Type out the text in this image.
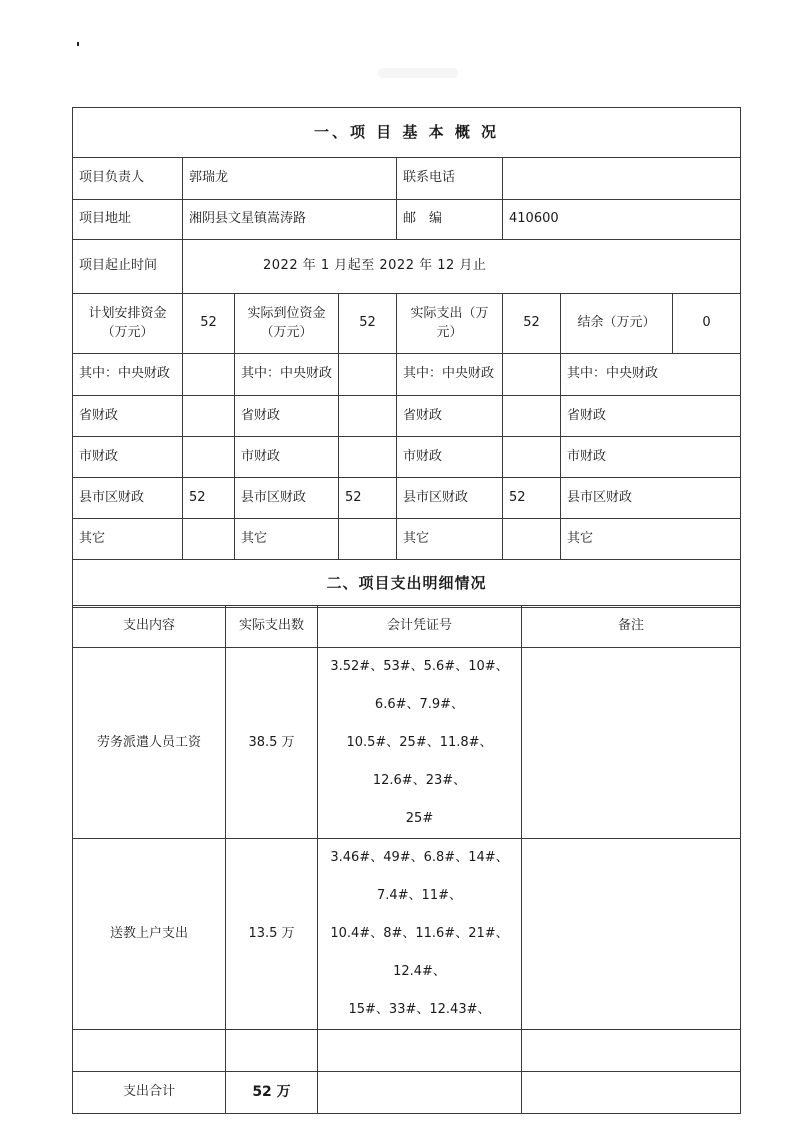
一、项 目 基 本 概 况							
项目负责人	郭瑞龙			联系电话			
项目地址	湘阴县文星镇嵩涛路			邮　编	410600		
项目起止时间	2022 年 1 月起至 2022 年 12 月止						
计划安排资金（万元）	52	实际到位资金（万元）	52	实际支出（万元）	52	结余（万元）	0
其中：中央财政		其中：中央财政		其中：中央财政		其中：中央财政	
省财政		省财政		省财政		省财政	
市财政		市财政		市财政		市财政	
县市区财政	52	县市区财政	52	县市区财政	52	县市区财政	
其它		其它		其它		其它	
二、项目支出明细情况							
支出内容	实际支出数	会计凭证号	备注
劳务派遣人员工资	38.5 万	3.52#、53#、5.6#、10#、6.6#、7.9#、
10.5#、25#、11.8#、12.6#、23#、
25#	

送教上户支出	13.5 万	3.46#、49#、6.8#、14#、7.4#、11#、
10.4#、8#、11.6#、21#、12.4#、
15#、33#、12.43#、	

支出合计	52 万		
